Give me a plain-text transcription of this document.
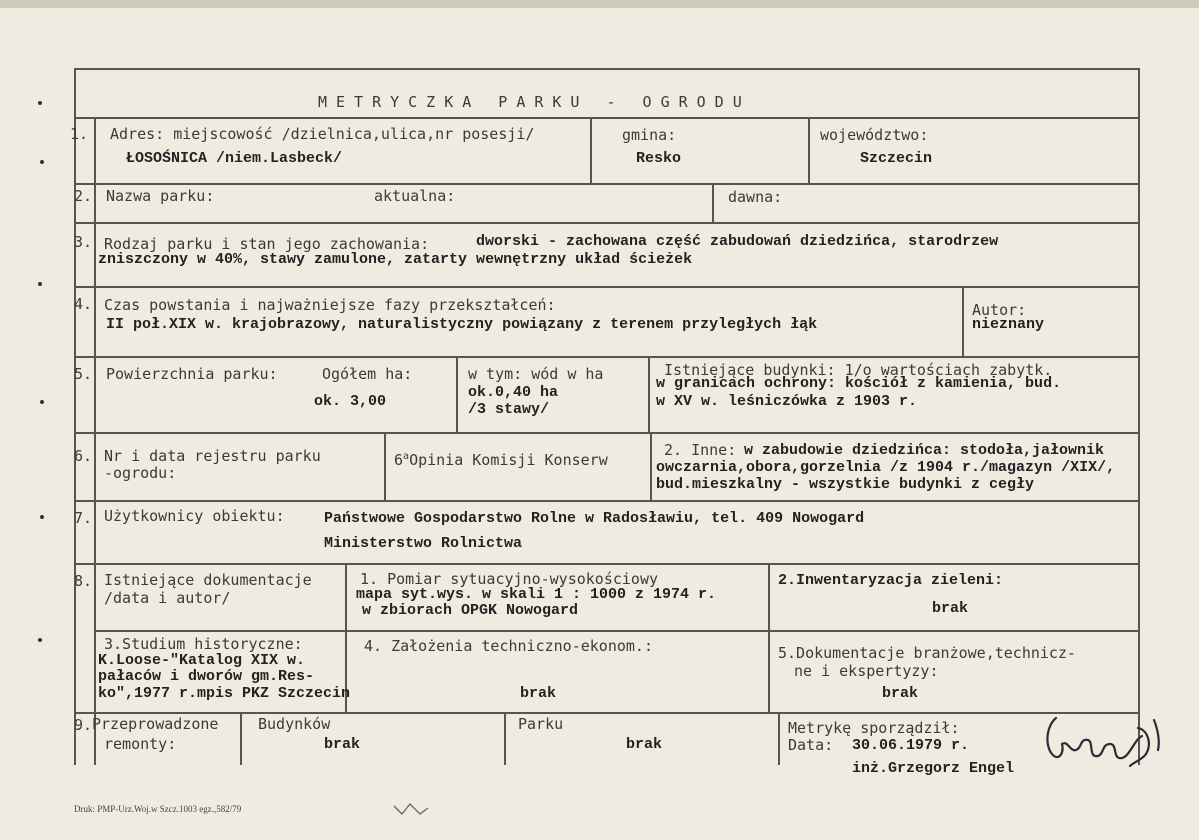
METRYCZKA PARKU - OGRODU
1. Adres: miejscowość /dzielnica,ulica,nr posesji/
ŁOSOŚNICA /niem.Lasbeck/
gmina:
Resko
województwo:
Szczecin
2. Nazwa parku:	aktualna:	dawna:
3. Rodzaj parku i stan jego zachowania:	dworski - zachowana część zabudowań dziedzińca, starodrzew
zniszczony w 40%, stawy zamulone, zatarty wewnętrzny układ ścieżek
4. Czas powstania i najważniejsze fazy przekształceń:
II poł.XIX w. krajobrazowy, naturalistyczny powiązany z terenem przyległych łąk
Autor:
nieznany
5. Powierzchnia parku:	Ogółem ha:
ok. 3,00
w tym: wód w ha
ok.0,40 ha
/3 stawy/
Istniejące budynki: 1/o wartościach zabytk.
w granicach ochrony: kościół z kamienia, bud.
w XV w. leśniczówka z 1903 r.
6. Nr i data rejestru parku
-ogrodu:
6$^a$Opinia Komisji Konserw
2. Inne: w zabudowie dziedzińca: stodoła,jałownik
owczarnia,obora,gorzelnia /z 1904 r./magazyn /XIX/,
bud.mieszkalny - wszystkie budynki z cegły
7. Użytkownicy obiektu:	Państwowe Gospodarstwo Rolne w Radosławiu, tel. 409 Nowogard
Ministerstwo Rolnictwa
8. Istniejące dokumentacje
/data i autor/
1. Pomiar sytuacyjno-wysokościowy
mapa syt.wys. w skali 1 : 1000 z 1974 r.
w zbiorach OPGK Nowogard
2.Inwentaryzacja zieleni:
brak
3.Studium historyczne:
K.Loose-"Katalog XIX w.
pałaców i dworów gm.Res-
ko",1977 r.mpis PKZ Szczecin
4. Założenia techniczno-ekonom.:
brak
5.Dokumentacje branżowe,technicz-
ne i ekspertyzy:
brak
9. Przeprowadzone
remonty:
Budynków
brak
Parku
brak
Metrykę sporządził:
Data: 30.06.1979 r.
inż.Grzegorz Engel
Druk: PMP-Urz.Woj.w Szcz.1003 egz.,582/79
